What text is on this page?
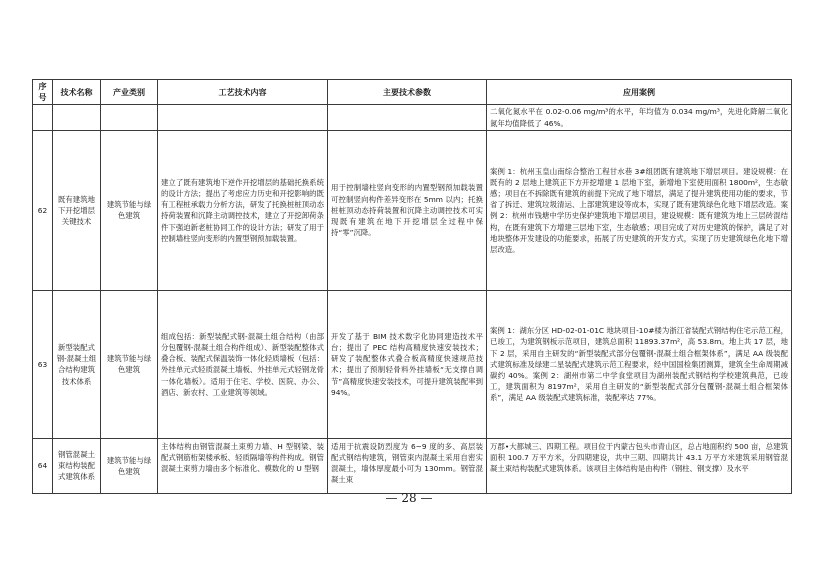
序号	技术名称	产业类别	工艺技术内容	主要技术参数	应用案例
					二氧化氮水平在 0.02-0.06 mg/m³的水平，年均值为 0.034 mg/m³，先进化降解二氧化氮年均值降低了 46%。
62	既有建筑地下开挖增层关键技术	建筑节能与绿色建筑	建立了既有建筑地下逆作开挖增层的基础托换系统的设计方法；提出了考虑应力历史和开挖影响的既有工程桩承载力分析方法，研发了托换桩桩顶动态持荷装置和沉降主动调控技术，建立了开挖卸荷条件下强迫新老桩协同工作的设计方法；研发了用于控制墙柱竖向变形的内置型钢预加载装置。	用于控制墙柱竖向变形的内置型钢预加载装置可控制竖向构件差异变形在 5mm 以内；托换桩桩顶动态持荷装置和沉降主动调控技术可实现既有建筑在地下开挖增层全过程中保持“零”沉降。	案例 1：杭州玉皇山南综合整治工程甘水巷 3#组团既有建筑地下增层项目。建设规模：在既有的 2 层地上建筑正下方开挖增建 1 层地下室，新增地下室使用面积 1800m²，生态敏感；项目在不拆除既有建筑的前提下完成了地下增层，满足了提升建筑使用功能的要求，节省了拆迁、建筑垃圾清运、上部建筑建设等成本，实现了既有建筑绿色化地下增层改造。案例 2：杭州市钱塘中学历史保护建筑地下增层项目，建设规模：既有建筑为地上三层砖混结构，在既有建筑下方增建三层地下室，生态敏感；项目完成了对历史建筑的保护，满足了对地块整体开发建设的功能要求，拓展了历史建筑的开发方式，实现了历史建筑绿色化地下增层改造。
63	新型装配式钢-混凝土组合结构建筑技术体系	建筑节能与绿色建筑	组成包括：新型装配式钢-混凝土组合结构（由部分包覆钢-混凝土组合构件组成）、新型装配整体式叠合板、装配式保温装饰一体化轻质墙板（包括：外挂单元式轻质混凝土墙板、外挂单元式轻钢龙骨一体化墙板）。适用于住宅、学校、医院、办公、酒店、新农村、工业建筑等领域。	开发了基于 BIM 技术数字化协同建造技术平台；提出了 PEC 结构高精度快速安装技术；研发了装配整体式叠合板高精度快速规范技术；提出了预制轻骨料外挂墙板“无支撑自调节”高精度快速安装技术，可提升建筑装配率到 94%。	案例 1：湖东分区 HD-02-01-01C 地块项目-10#楼为浙江省装配式钢结构住宅示范工程，已竣工，为建筑钢板示范项目，建筑总面积 11893.37m²，高 53.8m。地上共 17 层，地下 2 层，采用自主研发的“新型装配式部分包覆钢-混凝土组合框架体系”，满足 AA 级装配式建筑标准及绿建二星装配式建筑示范工程要求，经中国国检集团测算，建筑全生命周期减碳约 40%。案例 2：湖州市第二中学食堂项目为湖州装配式钢结构学校建筑典范，已竣工，建筑面积为 8197m²，采用自主研发的“新型装配式部分包覆钢-混凝土组合框架体系”，满足 AA 级装配式建筑标准，装配率达 77%。
64	钢管混凝土束结构装配式建筑体系	建筑节能与绿色建筑	主体结构由钢管混凝土束剪力墙、H 型钢梁、装配式钢筋桁架楼承板、轻质隔墙等构件构成。钢管混凝土束剪力墙由多个标准化、模数化的 U 型钢	适用于抗震设防烈度为 6~9 度的多、高层装配式钢结构建筑，钢管束内混凝土采用自密实混凝土，墙体厚度最小可为 130mm。钢管混凝土束	万郡•大都城三、四期工程。项目位于内蒙古包头市青山区，总占地面积约 500 亩，总建筑面积 100.7 万平方米，分四期建设，共中三期、四期共计 43.1 万平方米建筑采用钢管混凝土束结构装配式建筑体系。该项目主体结构是由构件（钢柱、钢支撑）及水平
— 28 —
